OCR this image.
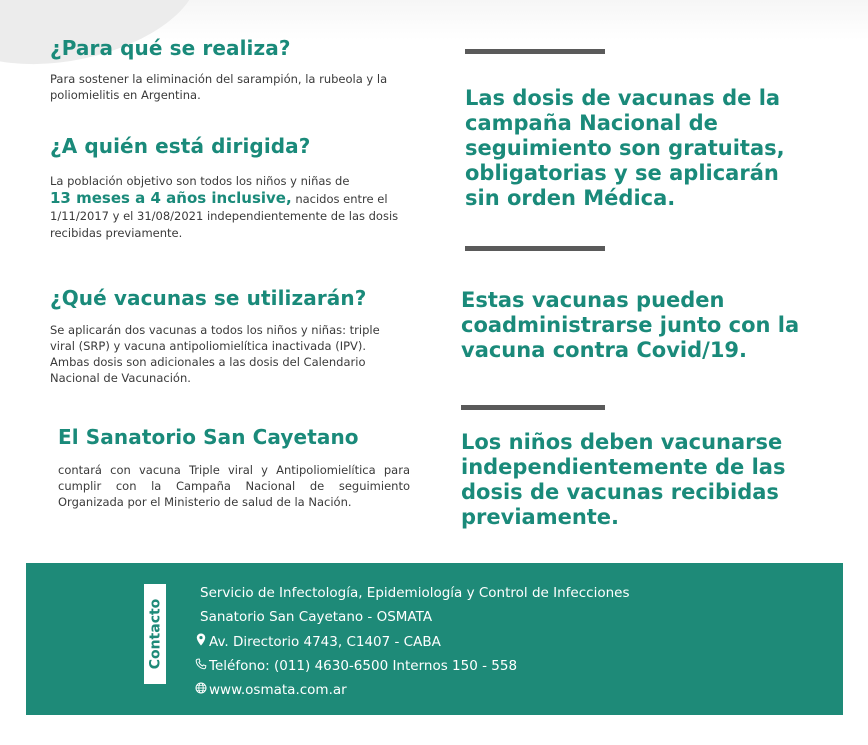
¿Para qué se realiza?

Para sostener la eliminación del sarampión, la rubeola y la poliomielitis en Argentina.

¿A quién está dirigida?

La población objetivo son todos los niños y niñas de
13 meses a 4 años inclusive, nacidos entre el
1/11/2017 y el 31/08/2021 independientemente de las dosis recibidas previamente.

¿Qué vacunas se utilizarán?

Se aplicarán dos vacunas a todos los niños y niñas: triple viral (SRP) y vacuna antipoliomielítica inactivada (IPV). Ambas dosis son adicionales a las dosis del Calendario Nacional de Vacunación.

El Sanatorio San Cayetano

contará con vacuna Triple viral y Antipoliomielítica para cumplir con la Campaña Nacional de seguimiento Organizada por el Ministerio de salud de la Nación.

Las dosis de vacunas de la campaña Nacional de seguimiento son gratuitas, obligatorias y se aplicarán sin orden Médica.
Estas vacunas pueden coadministrarse junto con la vacuna contra Covid/19.
Los niños deben vacunarse independientemente de las dosis de vacunas recibidas previamente.
Contacto
Servicio de Infectología, Epidemiología y Control de Infecciones
Sanatorio San Cayetano - OSMATA
Av. Directorio 4743, C1407 - CABA
Teléfono: (011) 4630-6500 Internos 150 - 558
www.osmata.com.ar
